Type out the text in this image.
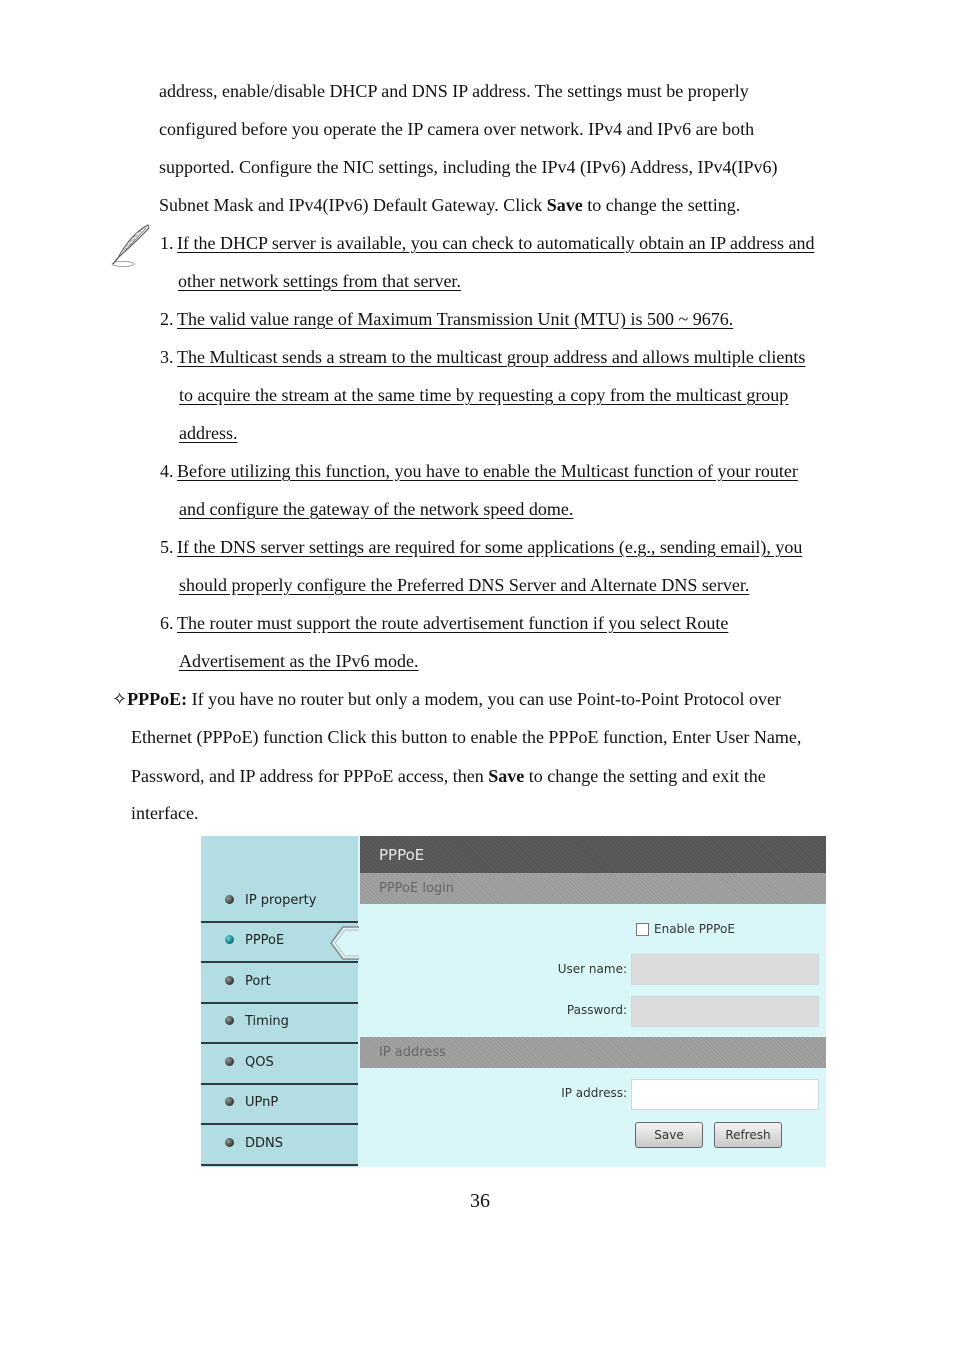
address, enable/disable DHCP and DNS IP address. The settings must be properly
configured before you operate the IP camera over network. IPv4 and IPv6 are both
supported. Configure the NIC settings, including the IPv4 (IPv6) Address, IPv4(IPv6)
Subnet Mask and IPv4(IPv6) Default Gateway. Click Save to change the setting.
1. If the DHCP server is available, you can check to automatically obtain an IP address and
other network settings from that server.
2. The valid value range of Maximum Transmission Unit (MTU) is 500 ~ 9676.
3. The Multicast sends a stream to the multicast group address and allows multiple clients
to acquire the stream at the same time by requesting a copy from the multicast group
address.
4. Before utilizing this function, you have to enable the Multicast function of your router
and configure the gateway of the network speed dome.
5. If the DNS server settings are required for some applications (e.g., sending email), you
should properly configure the Preferred DNS Server and Alternate DNS server.
6. The router must support the route advertisement function if you select Route
Advertisement as the IPv6 mode.
✧PPPoE: If you have no router but only a modem, you can use Point-to-Point Protocol over
Ethernet (PPPoE) function Click this button to enable the PPPoE function, Enter User Name,
Password, and IP address for PPPoE access, then Save to change the setting and exit the
interface.
IP property
PPPoE
Port
Timing
QOS
UPnP
DDNS
PPPoE
PPPoE login
Enable PPPoE
User name:
Password:
IP address
IP address:
Save	Refresh
36
